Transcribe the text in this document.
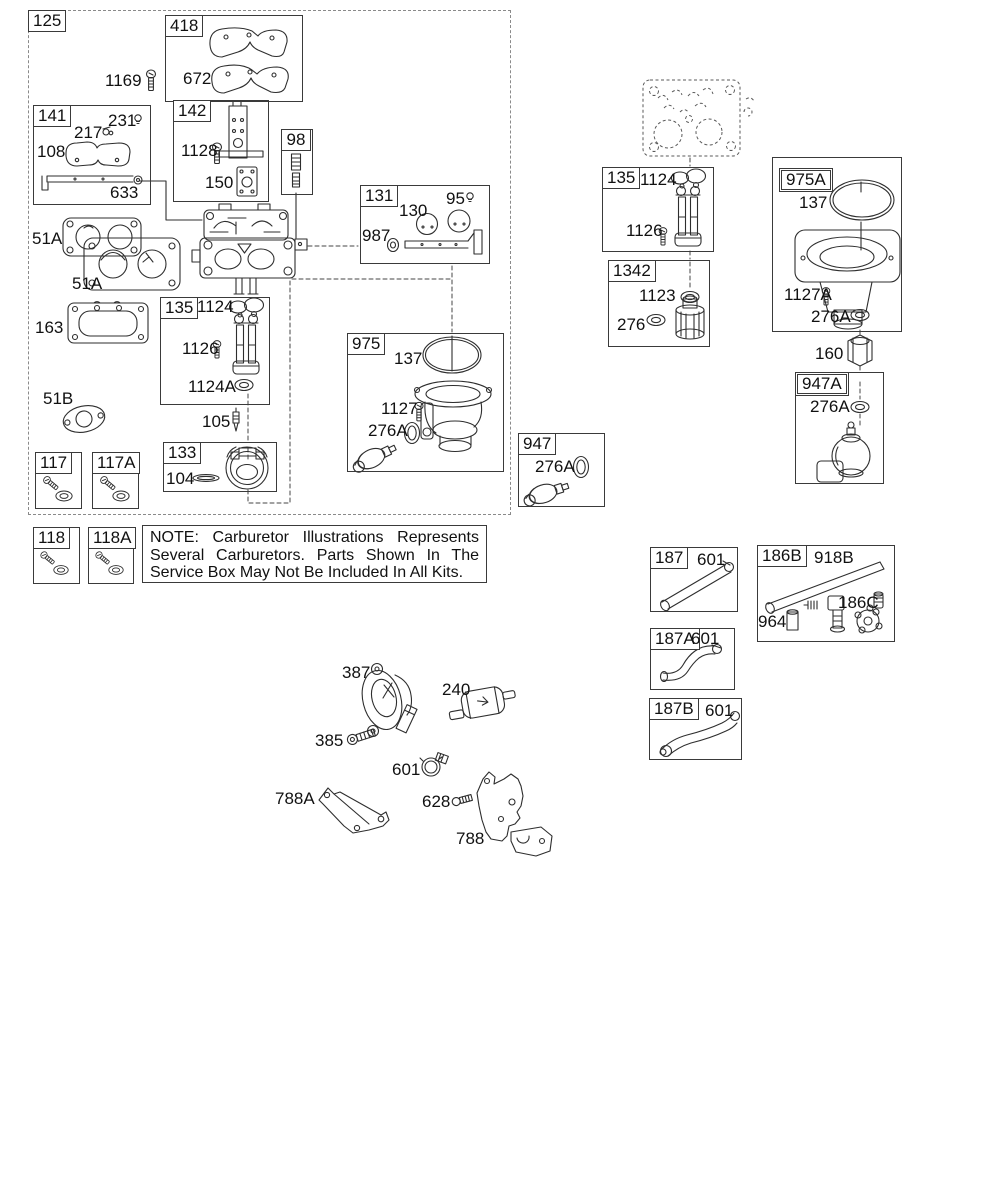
125	418
141	142
98
131
135
133
975
947
117 117A
118 118A
135
1342
975A
947A
187	186B
187A
187B
1169 672
231
217
108
633
1128
150
95
130
987
51A
51A
163
51B
1124
1126
1124A
105
104
137
1127
276A
276A
1124
1126
1123
276
137
1127A
276A
160
276A
601	918B
964
186C
601
601
387
240
385
601
628
788A
788
NOTE: Carburetor Illustrations Represents
Several Carburetors. Parts Shown In The
Service Box May Not Be Included In All Kits.
